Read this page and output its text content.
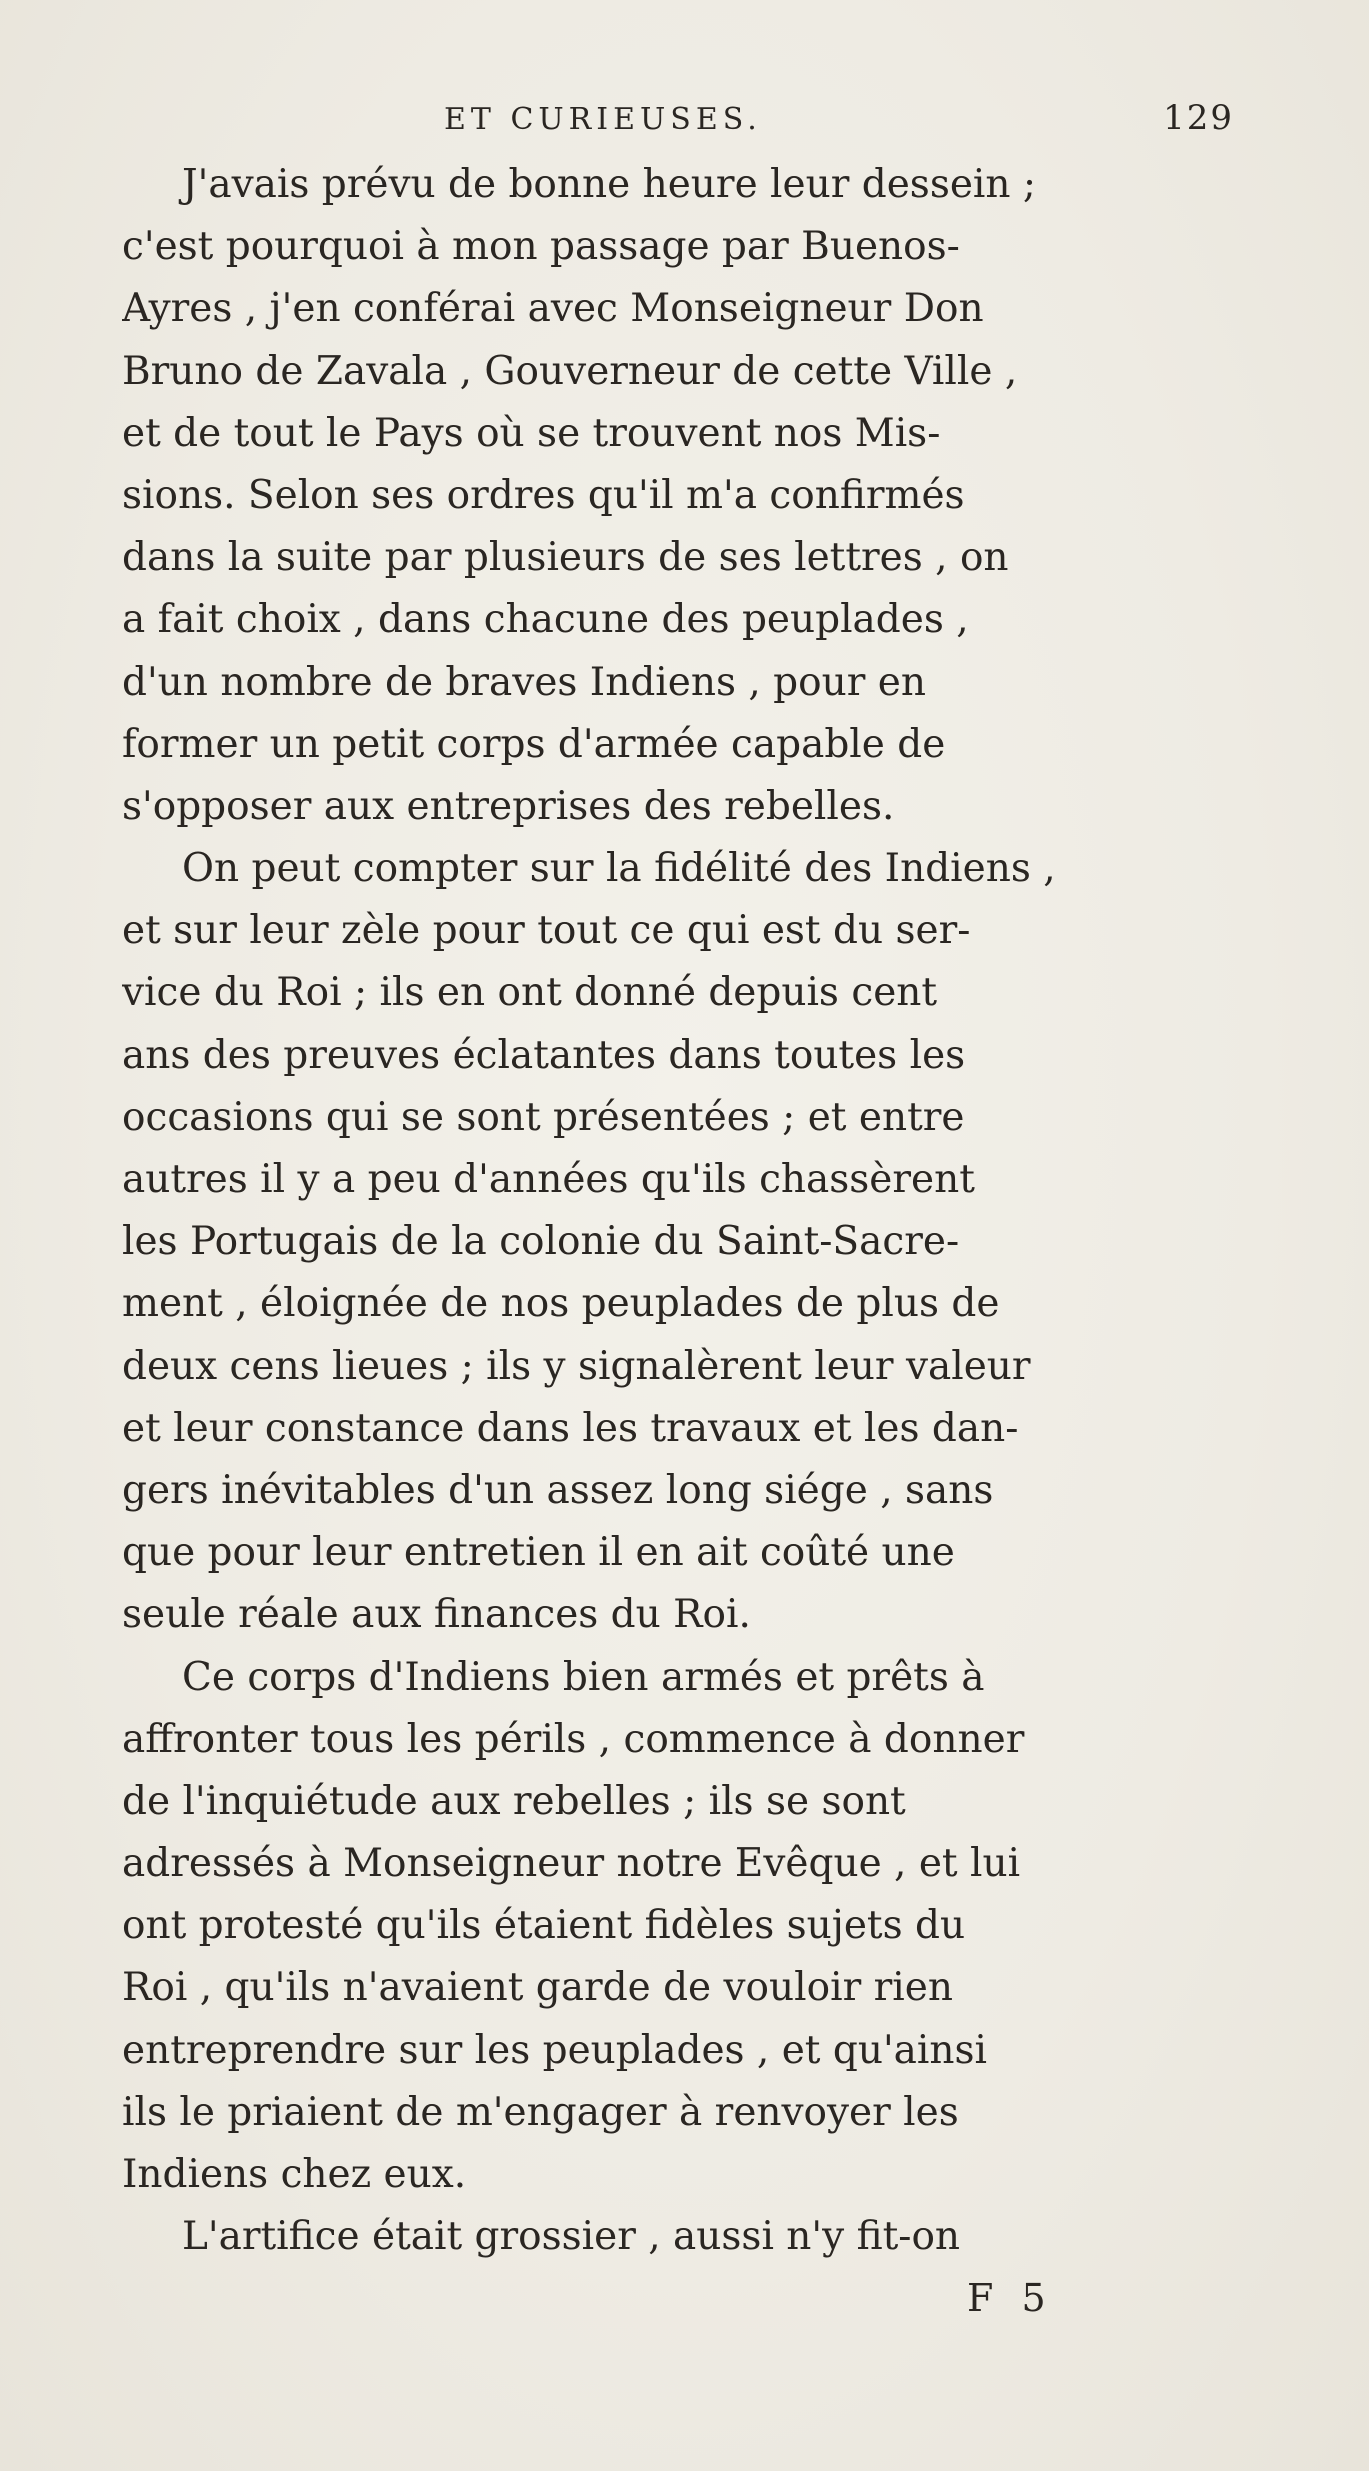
ET CURIEUSES.	129
J'avais prévu de bonne heure leur dessein ;
c'est pourquoi à mon passage par Buenos-
Ayres , j'en conférai avec Monseigneur Don
Bruno de Zavala , Gouverneur de cette Ville ,
et de tout le Pays où se trouvent nos Mis-
sions. Selon ses ordres qu'il m'a confirmés
dans la suite par plusieurs de ses lettres , on
a fait choix , dans chacune des peuplades ,
d'un nombre de braves Indiens , pour en
former un petit corps d'armée capable de
s'opposer aux entreprises des rebelles.
On peut compter sur la fidélité des Indiens ,
et sur leur zèle pour tout ce qui est du ser-
vice du Roi ; ils en ont donné depuis cent
ans des preuves éclatantes dans toutes les
occasions qui se sont présentées ; et entre
autres il y a peu d'années qu'ils chassèrent
les Portugais de la colonie du Saint-Sacre-
ment , éloignée de nos peuplades de plus de
deux cens lieues ; ils y signalèrent leur valeur
et leur constance dans les travaux et les dan-
gers inévitables d'un assez long siége , sans
que pour leur entretien il en ait coûté une
seule réale aux finances du Roi.
Ce corps d'Indiens bien armés et prêts à
affronter tous les périls , commence à donner
de l'inquiétude aux rebelles ; ils se sont
adressés à Monseigneur notre Evêque , et lui
ont protesté qu'ils étaient fidèles sujets du
Roi , qu'ils n'avaient garde de vouloir rien
entreprendre sur les peuplades , et qu'ainsi
ils le priaient de m'engager à renvoyer les
Indiens chez eux.
L'artifice était grossier , aussi n'y fit-on
F 5
